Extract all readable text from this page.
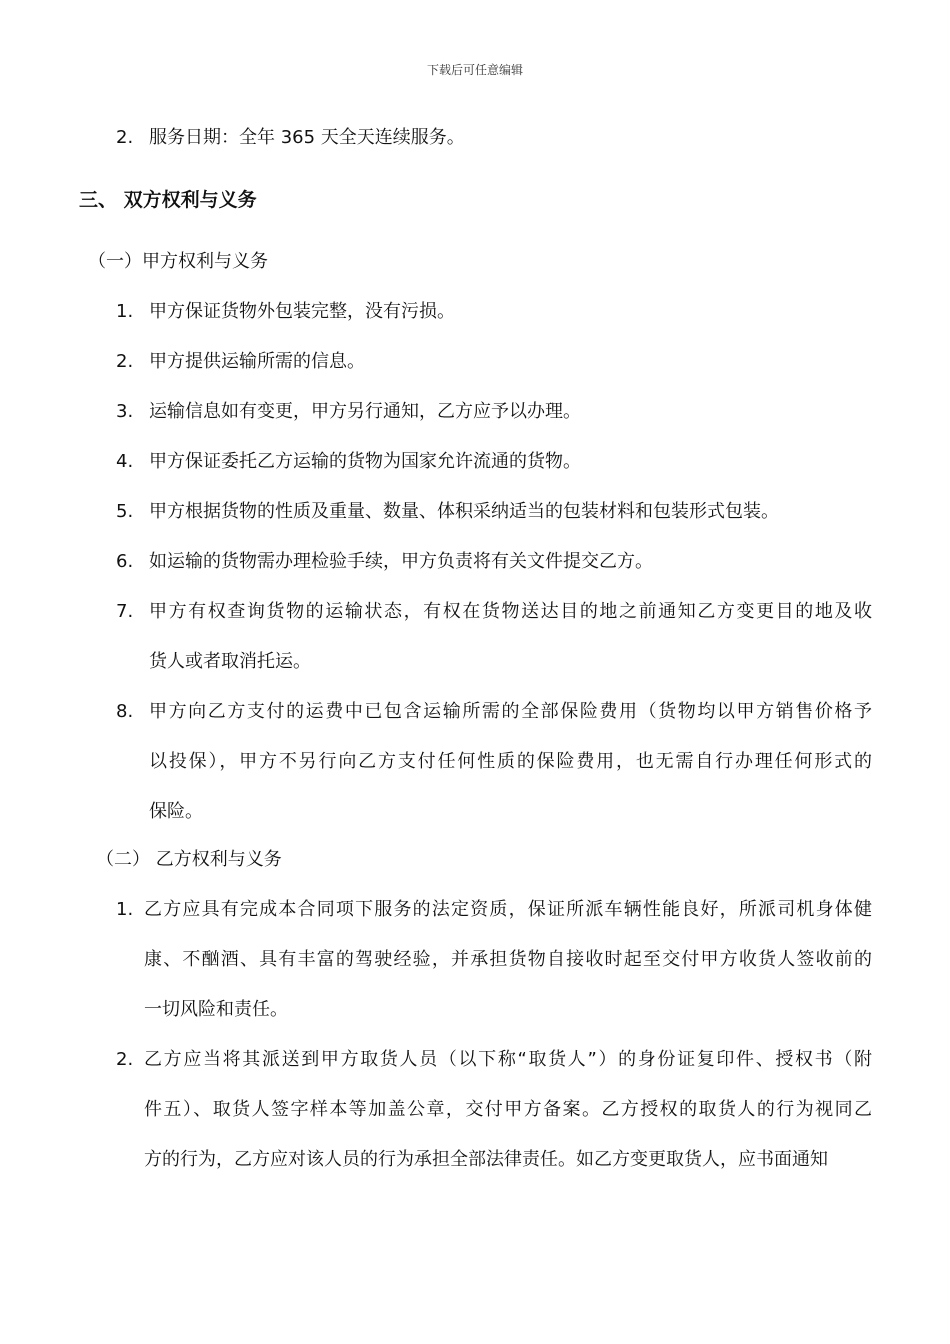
下载后可任意编辑
2. 服务日期：全年 365 天全天连续服务。
三、 双方权利与义务
（一）甲方权利与义务
1. 甲方保证货物外包装完整，没有污损。
2. 甲方提供运输所需的信息。
3. 运输信息如有变更，甲方另行通知，乙方应予以办理。
4. 甲方保证委托乙方运输的货物为国家允许流通的货物。
5. 甲方根据货物的性质及重量、数量、体积采纳适当的包装材料和包装形式包装。
6. 如运输的货物需办理检验手续，甲方负责将有关文件提交乙方。
7. 甲方有权查询货物的运输状态，有权在货物送达目的地之前通知乙方变更目的地及收
货人或者取消托运。
8. 甲方向乙方支付的运费中已包含运输所需的全部保险费用（货物均以甲方销售价格予
以投保），甲方不另行向乙方支付任何性质的保险费用，也无需自行办理任何形式的
保险。
（二） 乙方权利与义务
1. 乙方应具有完成本合同项下服务的法定资质，保证所派车辆性能良好，所派司机身体健
康、不酗酒、具有丰富的驾驶经验，并承担货物自接收时起至交付甲方收货人签收前的
一切风险和责任。
2. 乙方应当将其派送到甲方取货人员（以下称“取货人”）的身份证复印件、授权书（附
件五）、取货人签字样本等加盖公章，交付甲方备案。乙方授权的取货人的行为视同乙
方的行为，乙方应对该人员的行为承担全部法律责任。如乙方变更取货人，应书面通知
